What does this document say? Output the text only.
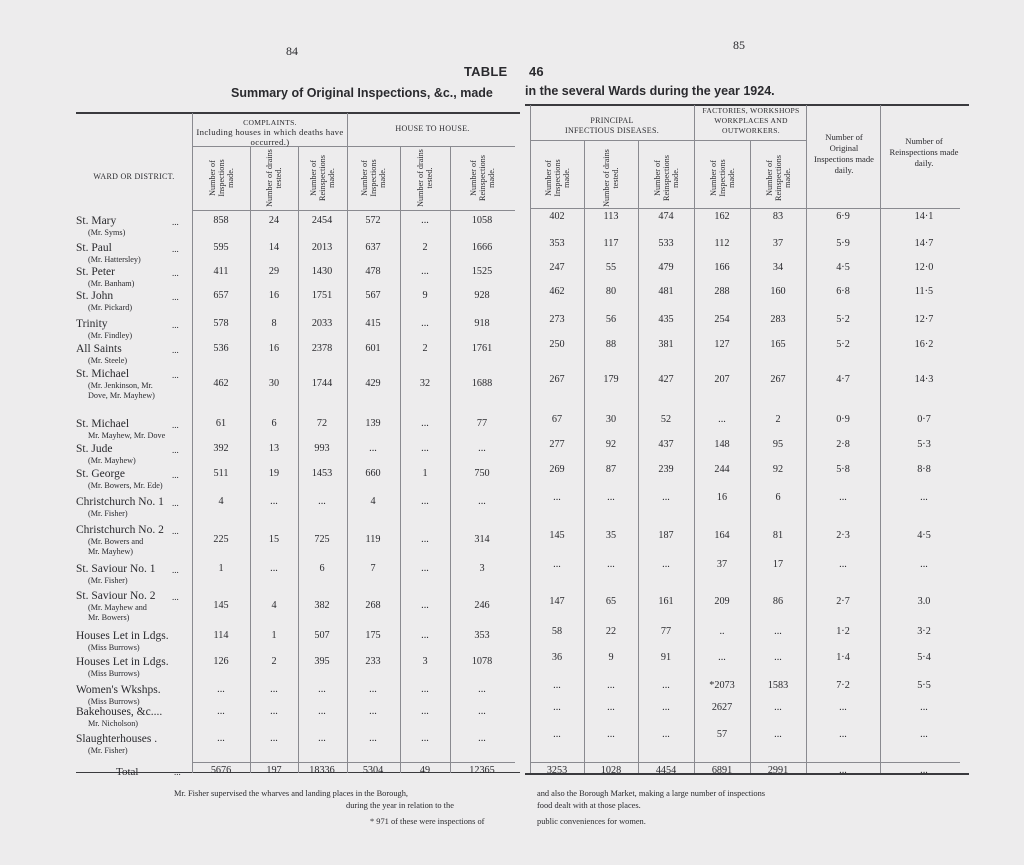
84	85
TABLE 46
Summary of Original Inspections, &c., made	in the several Wards during the year 1924.
WARD OR DISTRICT.
COMPLAINTS.
Including houses in which deaths have occurred.)
HOUSE TO HOUSE.
PRINCIPAL
INFECTIOUS DISEASES.
FACTORIES, WORKSHOPS
WORKPLACES AND
OUTWORKERS.
Number of Original Inspections made daily.
Number of Reinspections made daily.
Number of Inspections made.	Number of drains tested.	Number of Reinspections made.	Number of Inspections made.	Number of drains tested.	Number of Reinspections made.	Number of Inspections made.	Number of drains tested.	Number of Reinspections made.	Number of Inspections made.	Number of Reinspections made.
St. Mary
(Mr. Syms)
...	858	24	2454	572	...	1058	402	113	474	162	83	6·9	14·1
St. Paul
(Mr. Hattersley)
...	595	14	2013	637	2	1666	353	117	533	112	37	5·9	14·7
St. Peter
(Mr. Banham)
...	411	29	1430	478	...	1525	247	55	479	166	34	4·5	12·0
St. John
(Mr. Pickard)
...	657	16	1751	567	9	928	462	80	481	288	160	6·8	11·5
Trinity
(Mr. Findley)
...	578	8	2033	415	...	918	273	56	435	254	283	5·2	12·7
All Saints
(Mr. Steele)
...	536	16	2378	601	2	1761	250	88	381	127	165	5·2	16·2
St. Michael
(Mr. Jenkinson, Mr.
Dove, Mr. Mayhew)
...
462	30	1744	429	32	1688	267	179	427	207	267	4·7	14·3
St. Michael
Mr. Mayhew, Mr. Dove
...	61	6	72	139	...	77	67	30	52	...	2	0·9	0·7
St. Jude
(Mr. Mayhew)
...	392	13	993	...	...	...	277	92	437	148	95	2·8	5·3
St. George
(Mr. Bowers, Mr. Ede)
...	511	19	1453	660	1	750	269	87	239	244	92	5·8	8·8
Christchurch No. 1
(Mr. Fisher)
...	4	...	...	4	...	...	...	...	...	16	6	...	...
Christchurch No. 2
(Mr. Bowers and
Mr. Mayhew)
...
225	15	725	119	...	314	145	35	187	164	81	2·3	4·5
St. Saviour No. 1
(Mr. Fisher)
...	1	...	6	7	...	3	...	...	...	37	17	...	...
St. Saviour No. 2
(Mr. Mayhew and
Mr. Bowers)
...
145	4	382	268	...	246	147	65	161	209	86	2·7	3.0
Houses Let in Ldgs.
(Miss Burrows)
114	1	507	175	...	353	58	22	77	..	...	1·2	3·2
Houses Let in Ldgs.
(Miss Burrows)
126	2	395	233	3	1078	36	9	91	...	...	1·4	5·4
Women's Wkshps.
(Miss Burrows)
...	...	...	...	...	...	...	...	...	*2073	1583	7·2	5·5
Bakehouses, &c....
Mr. Nicholson)
...	...	...	...	...	...	...	...	...	2627	...	...	...
Slaughterhouses .
(Mr. Fisher)
...	...	...	...	...	...	...	...	...	57	...	...	...
Total	...	5676	197	18336	5304	49	12365	3253	1028	4454	6891	2991	...	...
Mr. Fisher supervised the wharves and landing places in the Borough,
during the year in relation to the
* 971 of these were inspections of
and also the Borough Market, making a large number of inspections
food dealt with at those places.
public conveniences for women.
